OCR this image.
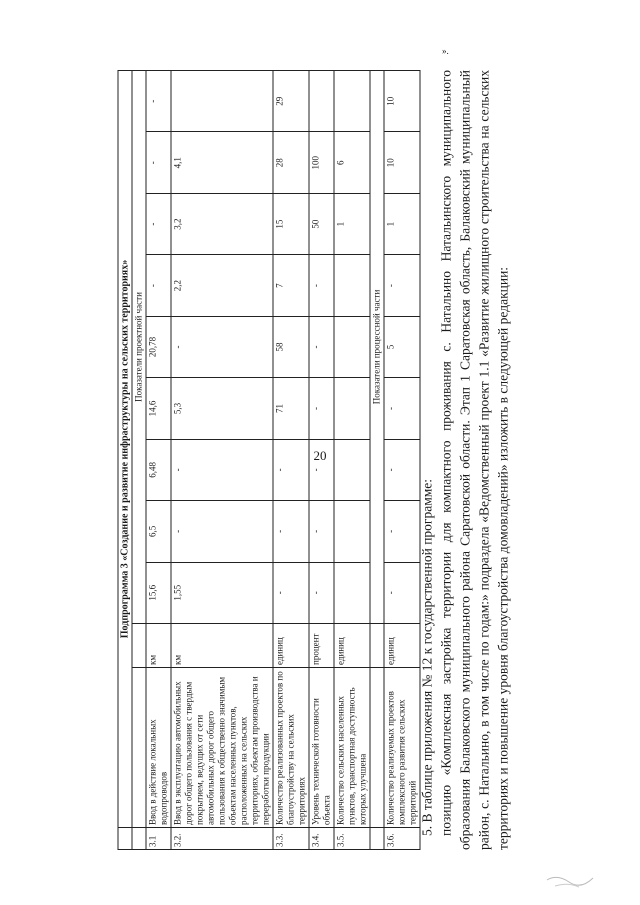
20
».
	Подпрограмма 3 «Создание и развитие инфраструктуры на сельских территориях»										
			Показатели проектной части								
3.1	Ввод в действие локальных водопроводов	км	15,6	6,5	6,48	14,6	20,78	-	-	-	-
3.2.	Ввод в эксплуатацию автомобильных дорог общего пользования с твердым покрытием, ведущих от сети автомобильных дорог общего пользования к общественно значимым объектам населенных пунктов, расположенных на сельских территориях, объектам производства и переработки продукции	км	1,55	-	-	5,3	-	2,2	3,2	4,1	
3.3.	Количество реализованных проектов по благоустройству на сельских территориях	единиц	-	-	-	71	58	7	15	28	29
3.4.	Уровень технической готовности объекта	процент	-	-	-	-	-	-	50	100	
3.5.	Количество сельских населенных пунктов, транспортная доступность которых улучшена	единиц							1	6	
			Показатели процессной части								
3.6.	Количество реализуемых проектов комплексного развития сельских территорий	единиц	-	-	-	-	5	-	1	10	10

5. В таблице приложения № 12 к государственной программе: позицию «Комплексная застройка территории для компактного проживания с. Натальино Натальинского муниципального образования Балаковского муниципального района Саратовской области. Этап 1 Саратовская область, Балаковский муниципальный район, с. Натальино, в том числе по годам:» подраздела «Ведомственный проект 1.1 «Развитие жилищного строительства на сельских территориях и повышение уровня благоустройства домовладений» изложить в следующей редакции:
